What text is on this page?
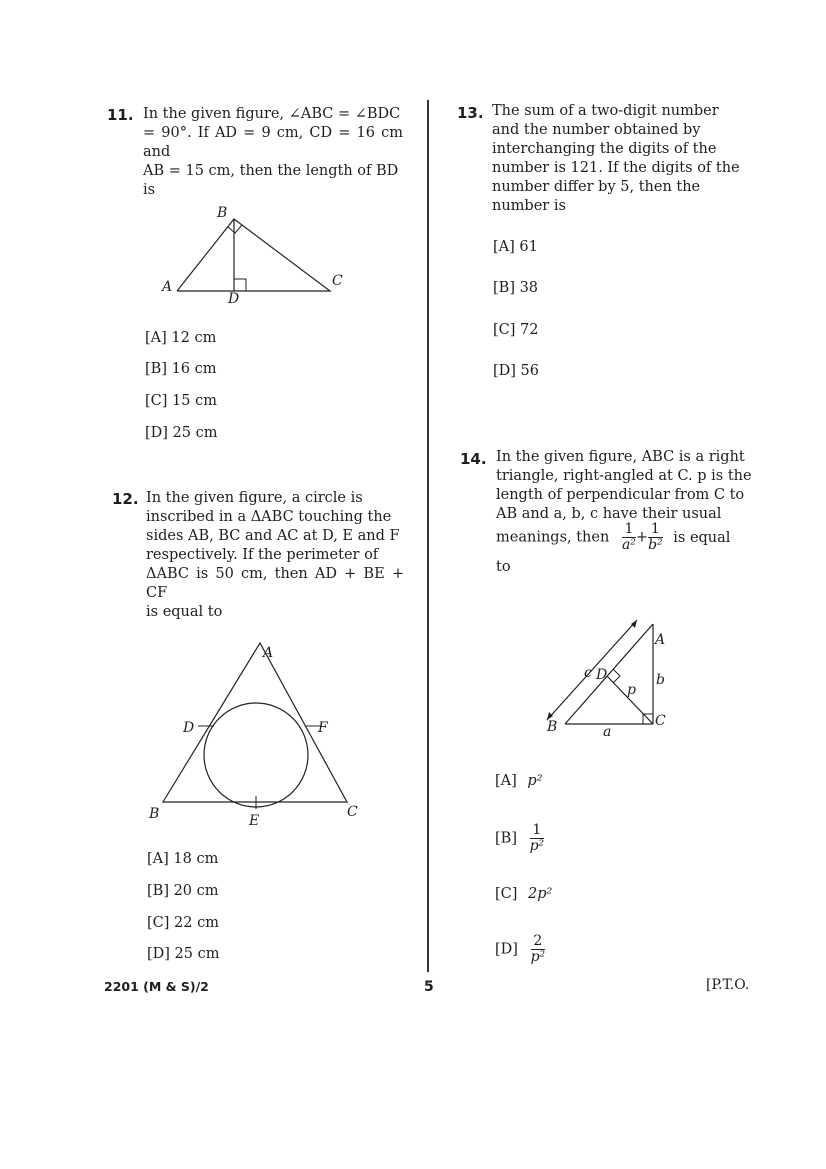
11. In the given figure, ∠ABC = ∠BDC
= 90°. If AD = 9 cm, CD = 16 cm and
AB = 15 cm, then the length of BD
is
B
A	C
D
[A] 12 cm
[B] 16 cm
[C] 15 cm
[D] 25 cm
12. In the given figure, a circle is
inscribed in a ΔABC touching the
sides AB, BC and AC at D, E and F
respectively. If the perimeter of
ΔABC is 50 cm, then AD + BE + CF
is equal to
A
B	C
D
E
F
[A] 18 cm
[B] 20 cm
[C] 22 cm
[D] 25 cm
13. The sum of a two-digit number
and the number obtained by
interchanging the digits of the
number is 121. If the digits of the
number differ by 5, then the
number is
[A] 61
[B] 38
[C] 72
[D] 56
14. In the given figure, ABC is a right
triangle, right-angled at C. p is the
length of perpendicular from C to
AB and a, b, c have their usual
meanings, then $\frac{1}{\text{a²}} + \frac{1}{\text{b²}}$ is equal
to
A
B	C
D
c
p
b
a
[A] p²
$[B] \frac{1}{\text{p²}}$
[C] 2p²
$[D] \frac{2}{\text{p²}}$
2201 (M & S)/2	5	[P.T.O.
